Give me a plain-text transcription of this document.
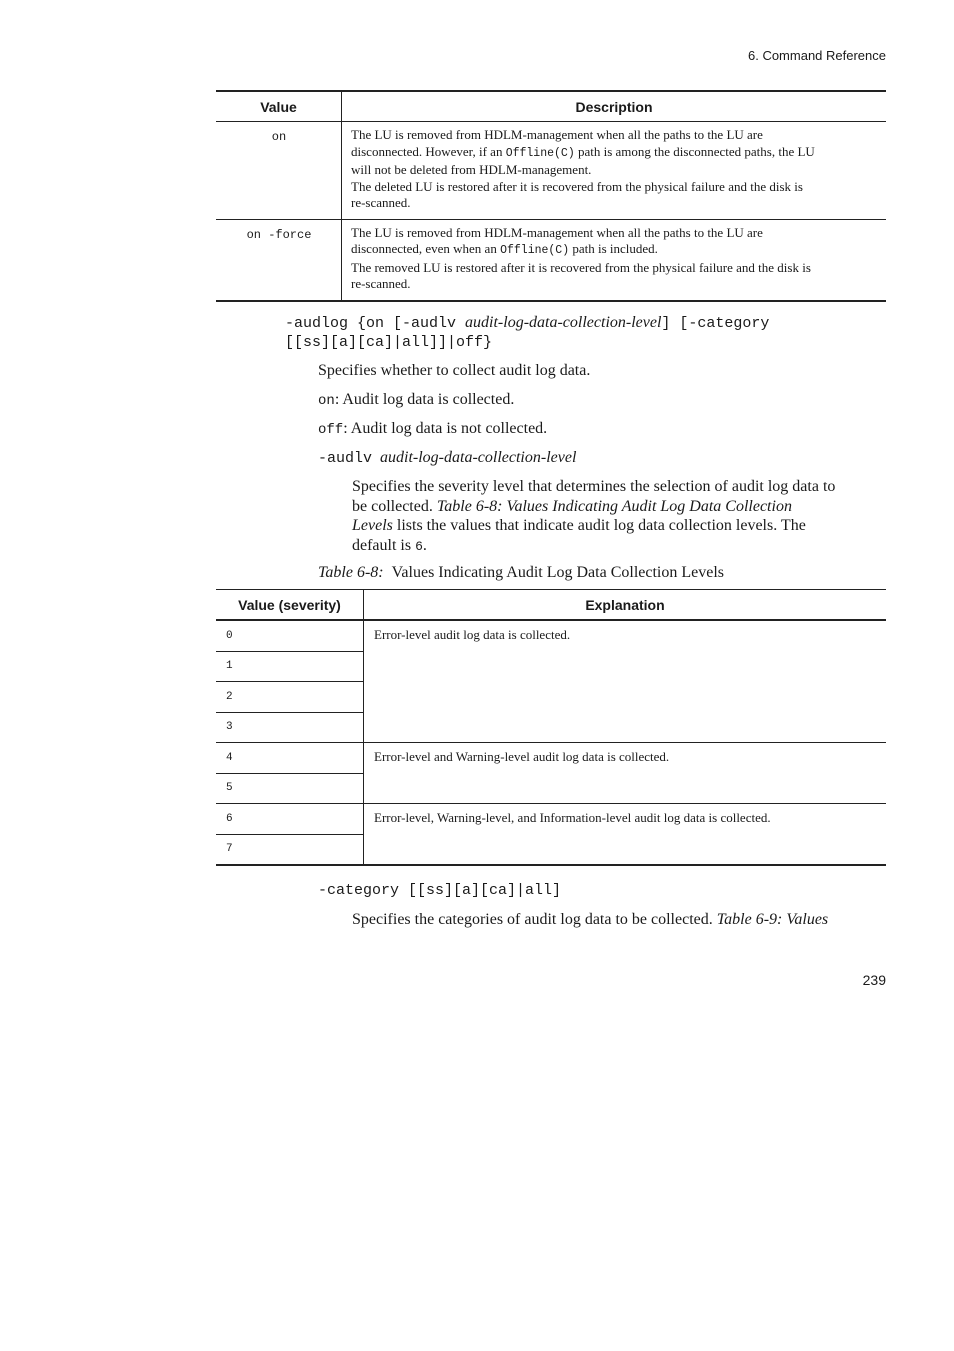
6. Command Reference
Value	Description
on	The LU is removed from HDLM-management when all the paths to the LU are
disconnected. However, if an Offline(C) path is among the disconnected paths, the LU
will not be deleted from HDLM-management.
The deleted LU is restored after it is recovered from the physical failure and the disk is
re-scanned.

on -force	The LU is removed from HDLM-management when all the paths to the LU are
disconnected, even when an Offline(C) path is included.
The removed LU is restored after it is recovered from the physical failure and the disk is
re-scanned.
-audlog {on [-audlv audit-log-data-collection-level] [-category
[[ss][a][ca]|all]]|off}
Specifies whether to collect audit log data.
on: Audit log data is collected.
off: Audit log data is not collected.
-audlv audit-log-data-collection-level
Specifies the severity level that determines the selection of audit log data to
be collected. Table 6-8: Values Indicating Audit Log Data Collection
Levels lists the values that indicate audit log data collection levels. The
default is 6.
Table 6-8: Values Indicating Audit Log Data Collection Levels
Value (severity)	Explanation
0	Error-level audit log data is collected.
1	
2	
3	
4	Error-level and Warning-level audit log data is collected.
5	
6	Error-level, Warning-level, and Information-level audit log data is collected.
7	
-category [[ss][a][ca]|all]
Specifies the categories of audit log data to be collected. Table 6-9: Values
239
